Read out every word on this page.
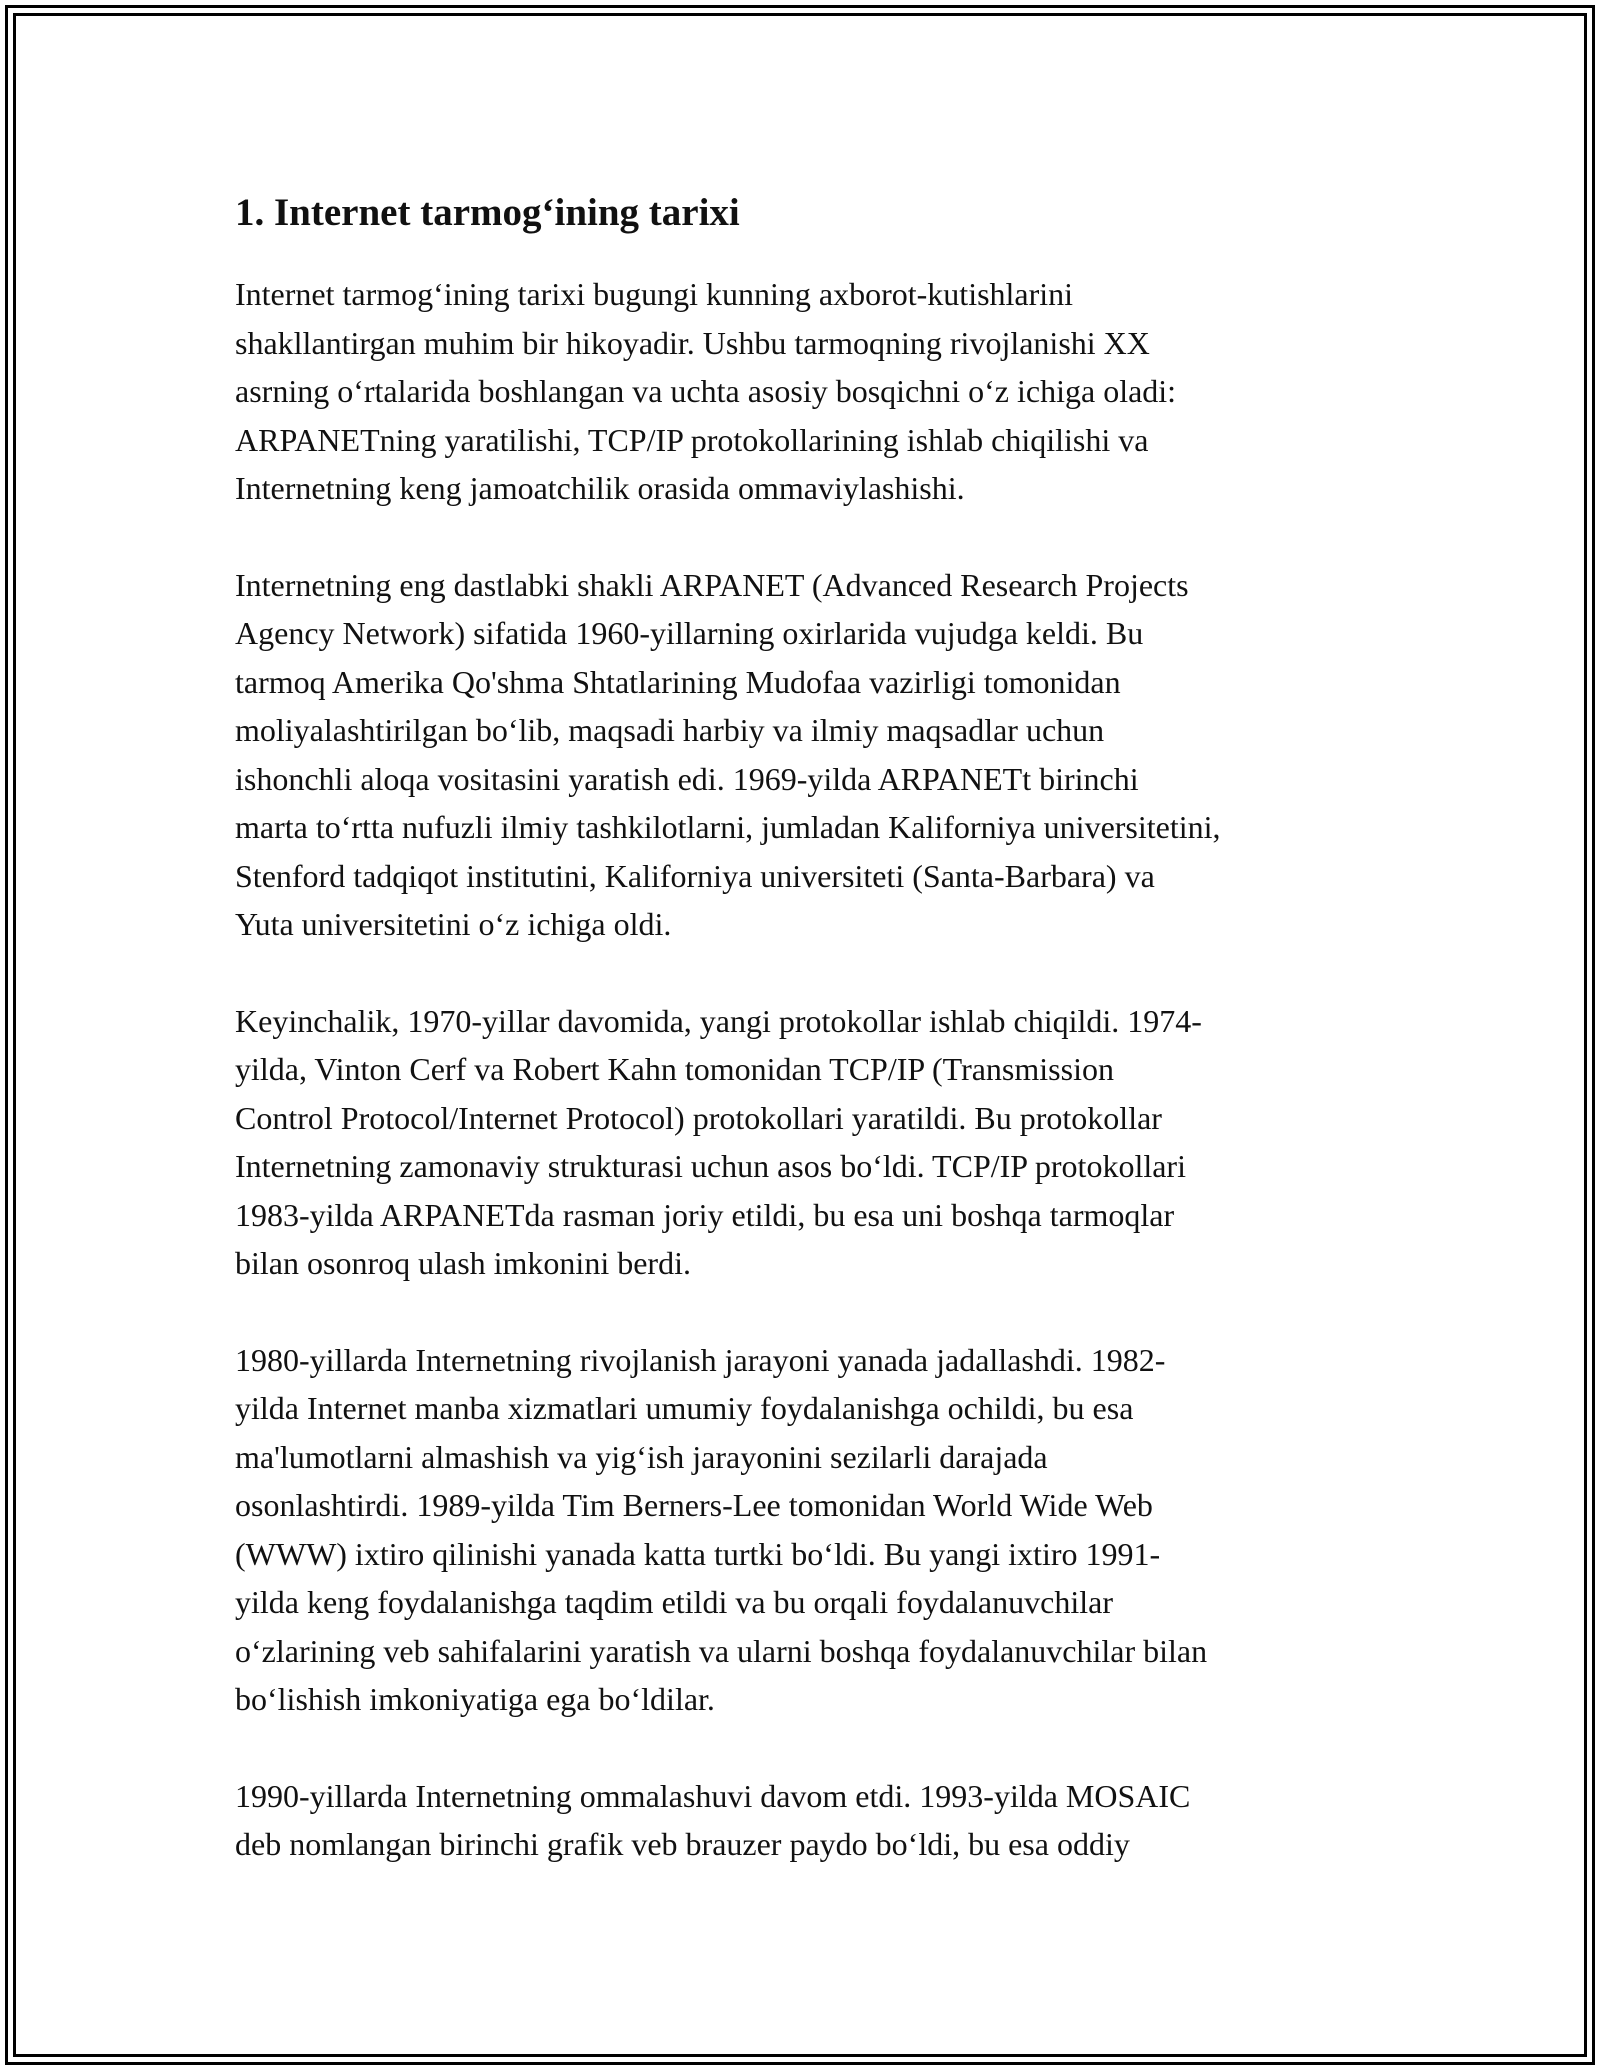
1. Internet tarmog‘ining tarixi

Internet tarmog‘ining tarixi bugungi kunning axborot-kutishlarini
shakllantirgan muhim bir hikoyadir. Ushbu tarmoqning rivojlanishi XX
asrning o‘rtalarida boshlangan va uchta asosiy bosqichni o‘z ichiga oladi:
ARPANETning yaratilishi, TCP/IP protokollarining ishlab chiqilishi va
Internetning keng jamoatchilik orasida ommaviylashishi.

Internetning eng dastlabki shakli ARPANET (Advanced Research Projects
Agency Network) sifatida 1960-yillarning oxirlarida vujudga keldi. Bu
tarmoq Amerika Qo'shma Shtatlarining Mudofaa vazirligi tomonidan
moliyalashtirilgan bo‘lib, maqsadi harbiy va ilmiy maqsadlar uchun
ishonchli aloqa vositasini yaratish edi. 1969-yilda ARPANETt birinchi
marta to‘rtta nufuzli ilmiy tashkilotlarni, jumladan Kaliforniya universitetini,
Stenford tadqiqot institutini, Kaliforniya universiteti (Santa-Barbara) va
Yuta universitetini o‘z ichiga oldi.

Keyinchalik, 1970-yillar davomida, yangi protokollar ishlab chiqildi. 1974-
yilda, Vinton Cerf va Robert Kahn tomonidan TCP/IP (Transmission
Control Protocol/Internet Protocol) protokollari yaratildi. Bu protokollar
Internetning zamonaviy strukturasi uchun asos bo‘ldi. TCP/IP protokollari
1983-yilda ARPANETda rasman joriy etildi, bu esa uni boshqa tarmoqlar
bilan osonroq ulash imkonini berdi.

1980-yillarda Internetning rivojlanish jarayoni yanada jadallashdi. 1982-
yilda Internet manba xizmatlari umumiy foydalanishga ochildi, bu esa
ma'lumotlarni almashish va yig‘ish jarayonini sezilarli darajada
osonlashtirdi. 1989-yilda Tim Berners-Lee tomonidan World Wide Web
(WWW) ixtiro qilinishi yanada katta turtki bo‘ldi. Bu yangi ixtiro 1991-
yilda keng foydalanishga taqdim etildi va bu orqali foydalanuvchilar
o‘zlarining veb sahifalarini yaratish va ularni boshqa foydalanuvchilar bilan
bo‘lishish imkoniyatiga ega bo‘ldilar.

1990-yillarda Internetning ommalashuvi davom etdi. 1993-yilda MOSAIC
deb nomlangan birinchi grafik veb brauzer paydo bo‘ldi, bu esa oddiy
